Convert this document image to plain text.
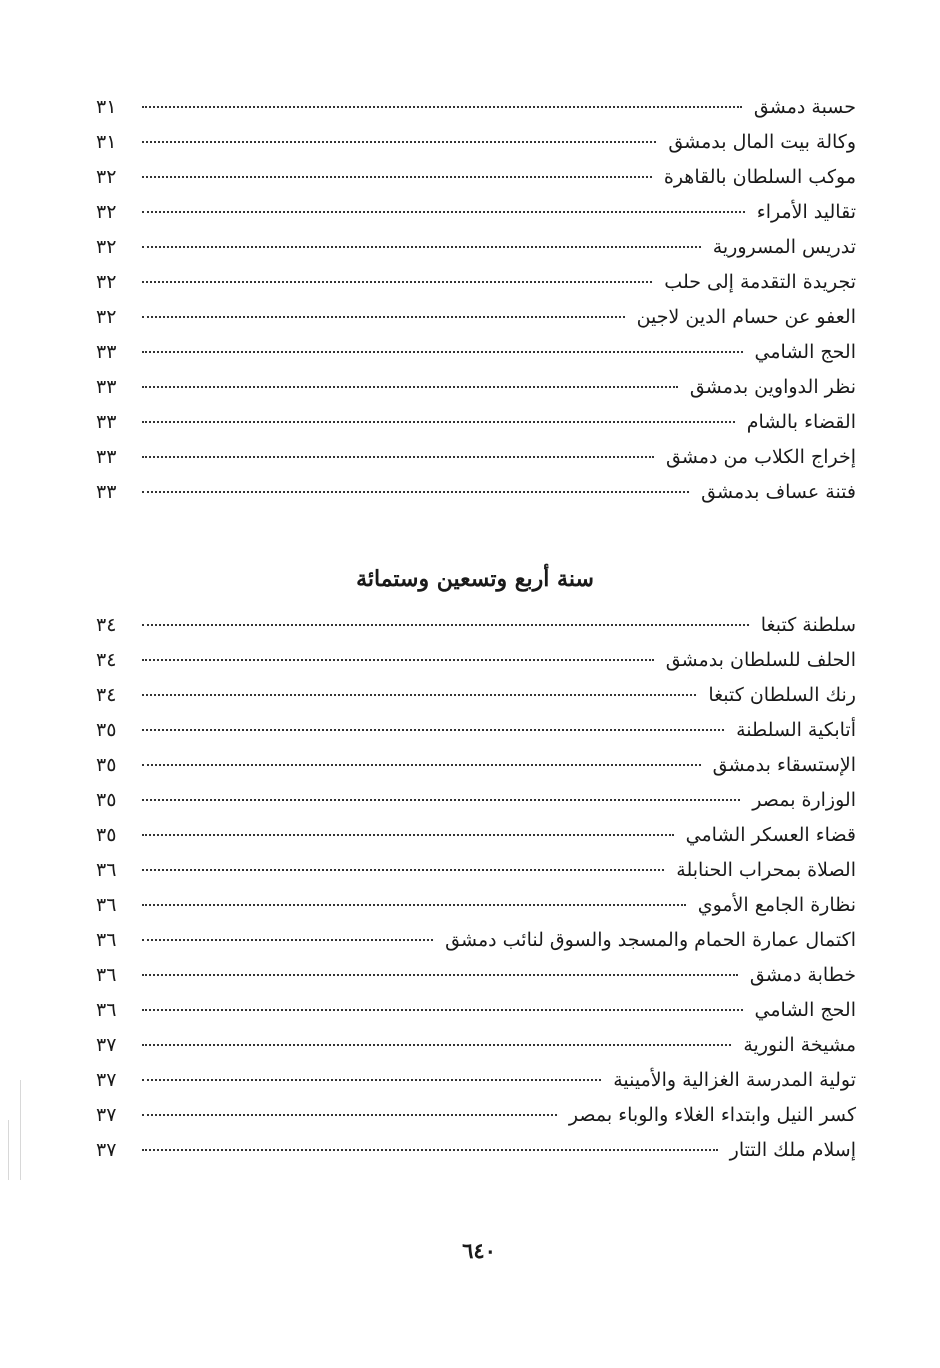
حسبة دمشق
٣١
وكالة بيت المال بدمشق
٣١
موكب السلطان بالقاهرة
٣٢
تقاليد الأمراء
٣٢
تدريس المسرورية
٣٢
تجريدة التقدمة إلى حلب
٣٢
العفو عن حسام الدين لاجين
٣٢
الحج الشامي
٣٣
نظر الدواوين بدمشق
٣٣
القضاء بالشام
٣٣
إخراج الكلاب من دمشق
٣٣
فتنة عساف بدمشق
٣٣
سنة أربع وتسعين وستمائة
سلطنة كتبغا
٣٤
الحلف للسلطان بدمشق
٣٤
رنك السلطان كتبغا
٣٤
أتابكية السلطنة
٣٥
الإستسقاء بدمشق
٣٥
الوزارة بمصر
٣٥
قضاء العسكر الشامي
٣٥
الصلاة بمحراب الحنابلة
٣٦
نظارة الجامع الأموي
٣٦
اكتمال عمارة الحمام والمسجد والسوق لنائب دمشق
٣٦
خطابة دمشق
٣٦
الحج الشامي
٣٦
مشيخة النورية
٣٧
تولية المدرسة الغزالية والأمينية
٣٧
كسر النيل وابتداء الغلاء والوباء بمصر
٣٧
إسلام ملك التتار
٣٧
٦٤٠
